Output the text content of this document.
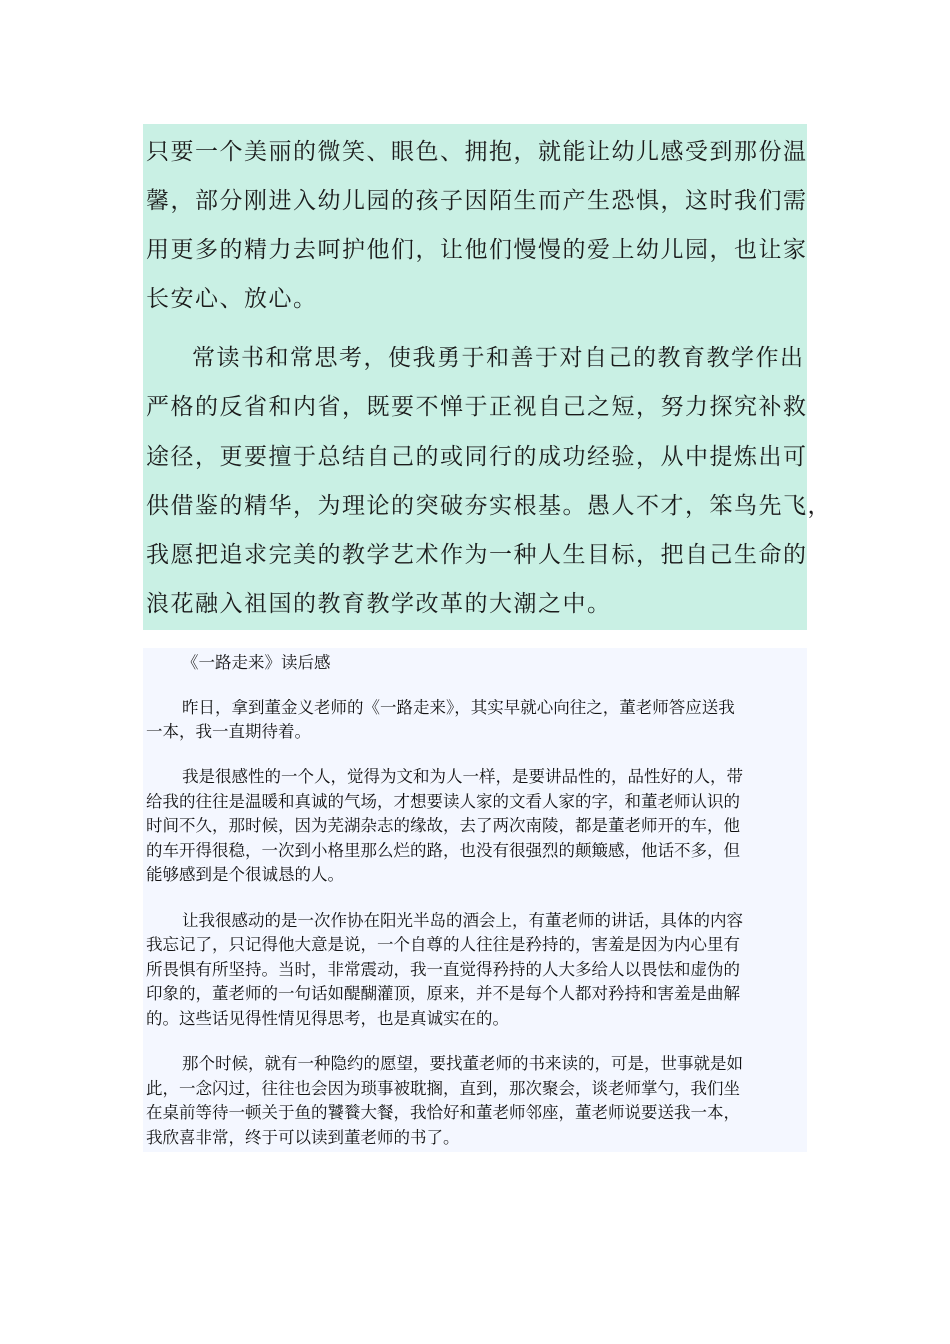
只要一个美丽的微笑、眼色、拥抱，就能让幼儿感受到那份温
馨，部分刚进入幼儿园的孩子因陌生而产生恐惧，这时我们需
用更多的精力去呵护他们，让他们慢慢的爱上幼儿园，也让家
长安心、放心。
常读书和常思考，使我勇于和善于对自己的教育教学作出
严格的反省和内省，既要不惮于正视自己之短，努力探究补救
途径，更要擅于总结自己的或同行的成功经验，从中提炼出可
供借鉴的精华，为理论的突破夯实根基。愚人不才，笨鸟先飞，
我愿把追求完美的教学艺术作为一种人生目标，把自己生命的
浪花融入祖国的教育教学改革的大潮之中。
《一路走来》读后感
昨日，拿到董金义老师的《一路走来》，其实早就心向往之，董老师答应送我
一本，我一直期待着。
我是很感性的一个人，觉得为文和为人一样，是要讲品性的，品性好的人，带
给我的往往是温暖和真诚的气场，才想要读人家的文看人家的字，和董老师认识的
时间不久，那时候，因为芜湖杂志的缘故，去了两次南陵，都是董老师开的车，他
的车开得很稳，一次到小格里那么烂的路，也没有很强烈的颠簸感，他话不多，但
能够感到是个很诚恳的人。
让我很感动的是一次作协在阳光半岛的酒会上，有董老师的讲话，具体的内容
我忘记了，只记得他大意是说，一个自尊的人往往是矜持的，害羞是因为内心里有
所畏惧有所坚持。当时，非常震动，我一直觉得矜持的人大多给人以畏怯和虚伪的
印象的，董老师的一句话如醍醐灌顶，原来，并不是每个人都对矜持和害羞是曲解
的。这些话见得性情见得思考，也是真诚实在的。
那个时候，就有一种隐约的愿望，要找董老师的书来读的，可是，世事就是如
此，一念闪过，往往也会因为琐事被耽搁，直到，那次聚会，谈老师掌勺，我们坐
在桌前等待一顿关于鱼的饕餮大餐，我恰好和董老师邻座，董老师说要送我一本，
我欣喜非常，终于可以读到董老师的书了。
